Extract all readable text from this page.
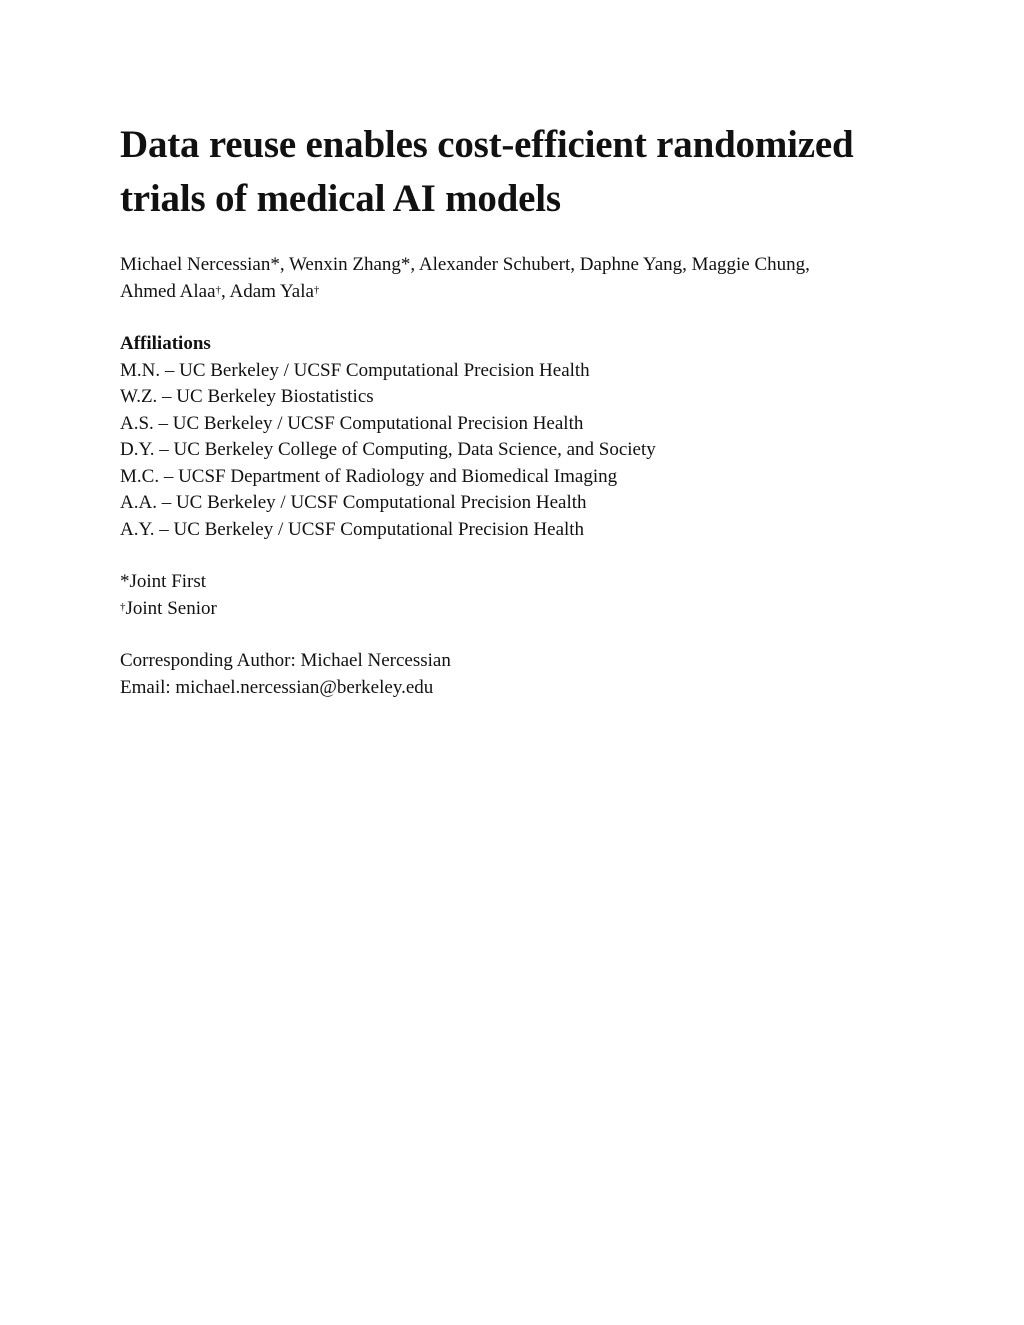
Data reuse enables cost-efficient randomized
trials of medical AI models
Michael Nercessian*, Wenxin Zhang*, Alexander Schubert, Daphne Yang, Maggie Chung,
Ahmed Alaa†, Adam Yala†
Affiliations
M.N. – UC Berkeley / UCSF Computational Precision Health
W.Z. – UC Berkeley Biostatistics
A.S. – UC Berkeley / UCSF Computational Precision Health
D.Y. – UC Berkeley College of Computing, Data Science, and Society
M.C. – UCSF Department of Radiology and Biomedical Imaging
A.A. – UC Berkeley / UCSF Computational Precision Health
A.Y. – UC Berkeley / UCSF Computational Precision Health
*Joint First
†Joint Senior
Corresponding Author: Michael Nercessian
Email: michael.nercessian@berkeley.edu
